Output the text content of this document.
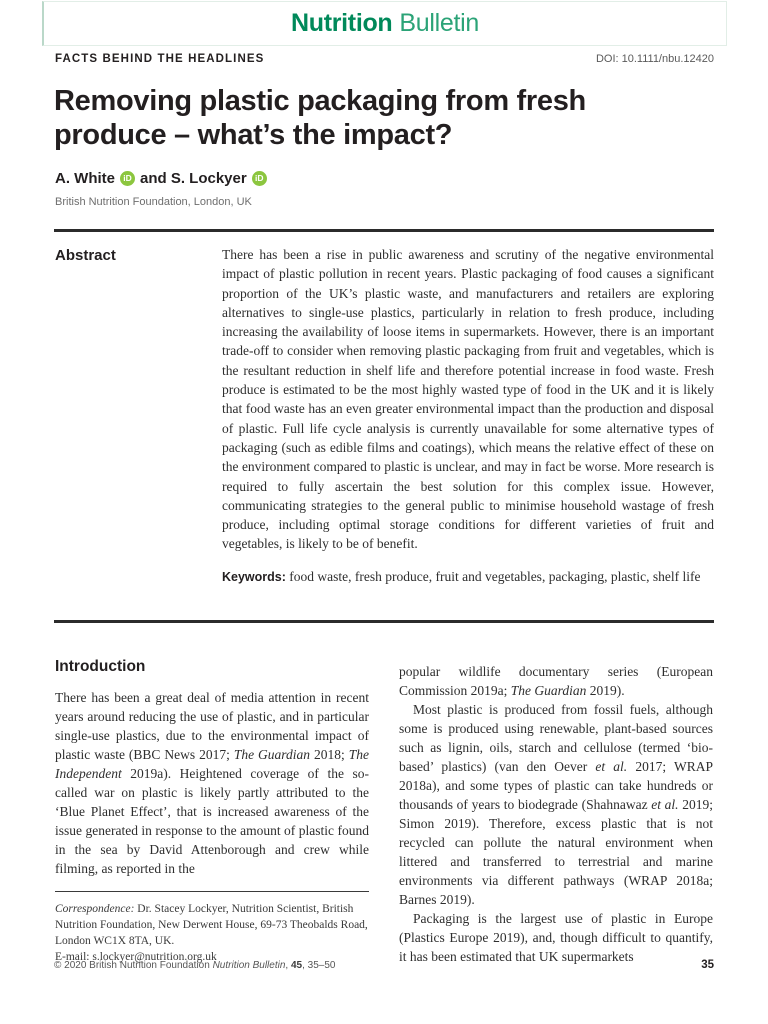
Nutrition Bulletin
FACTS BEHIND THE HEADLINES	DOI: 10.1111/nbu.12420
Removing plastic packaging from fresh produce – what’s the impact?
A. White iD and S. Lockyer iD
British Nutrition Foundation, London, UK
Abstract	There has been a rise in public awareness and scrutiny of the negative environmental impact of plastic pollution in recent years. Plastic packaging of food causes a significant proportion of the UK’s plastic waste, and manufacturers and retailers are exploring alternatives to single-use plastics, particularly in relation to fresh produce, including increasing the availability of loose items in supermarkets. However, there is an important trade-off to consider when removing plastic packaging from fruit and vegetables, which is the resultant reduction in shelf life and therefore potential increase in food waste. Fresh produce is estimated to be the most highly wasted type of food in the UK and it is likely that food waste has an even greater environmental impact than the production and disposal of plastic. Full life cycle analysis is currently unavailable for some alternative types of packaging (such as edible films and coatings), which means the relative effect of these on the environment compared to plastic is unclear, and may in fact be worse. More research is required to fully ascertain the best solution for this complex issue. However, communicating strategies to the general public to minimise household wastage of fresh produce, including optimal storage conditions for different varieties of fruit and vegetables, is likely to be of benefit.

Keywords: food waste, fresh produce, fruit and vegetables, packaging, plastic, shelf life

Introduction

There has been a great deal of media attention in recent years around reducing the use of plastic, and in particular single-use plastics, due to the environmental impact of plastic waste (BBC News 2017; The Guardian 2018; The Independent 2019a). Heightened coverage of the so-called war on plastic is likely partly attributed to the ‘Blue Planet Effect’, that is increased awareness of the issue generated in response to the amount of plastic found in the sea by David Attenborough and crew while filming, as reported in the

Correspondence: Dr. Stacey Lockyer, Nutrition Scientist, British Nutrition Foundation, New Derwent House, 69-73 Theobalds Road, London WC1X 8TA, UK.
E-mail: s.lockyer@nutrition.org.uk

popular wildlife documentary series (European Commission 2019a; The Guardian 2019).

Most plastic is produced from fossil fuels, although some is produced using renewable, plant-based sources such as lignin, oils, starch and cellulose (termed ‘bio-based’ plastics) (van den Oever et al. 2017; WRAP 2018a), and some types of plastic can take hundreds or thousands of years to biodegrade (Shahnawaz et al. 2019; Simon 2019). Therefore, excess plastic that is not recycled can pollute the natural environment when littered and transferred to terrestrial and marine environments via different pathways (WRAP 2018a; Barnes 2019).

Packaging is the largest use of plastic in Europe (Plastics Europe 2019), and, though difficult to quantify, it has been estimated that UK supermarkets

© 2020 British Nutrition Foundation Nutrition Bulletin, 45, 35–50	35
